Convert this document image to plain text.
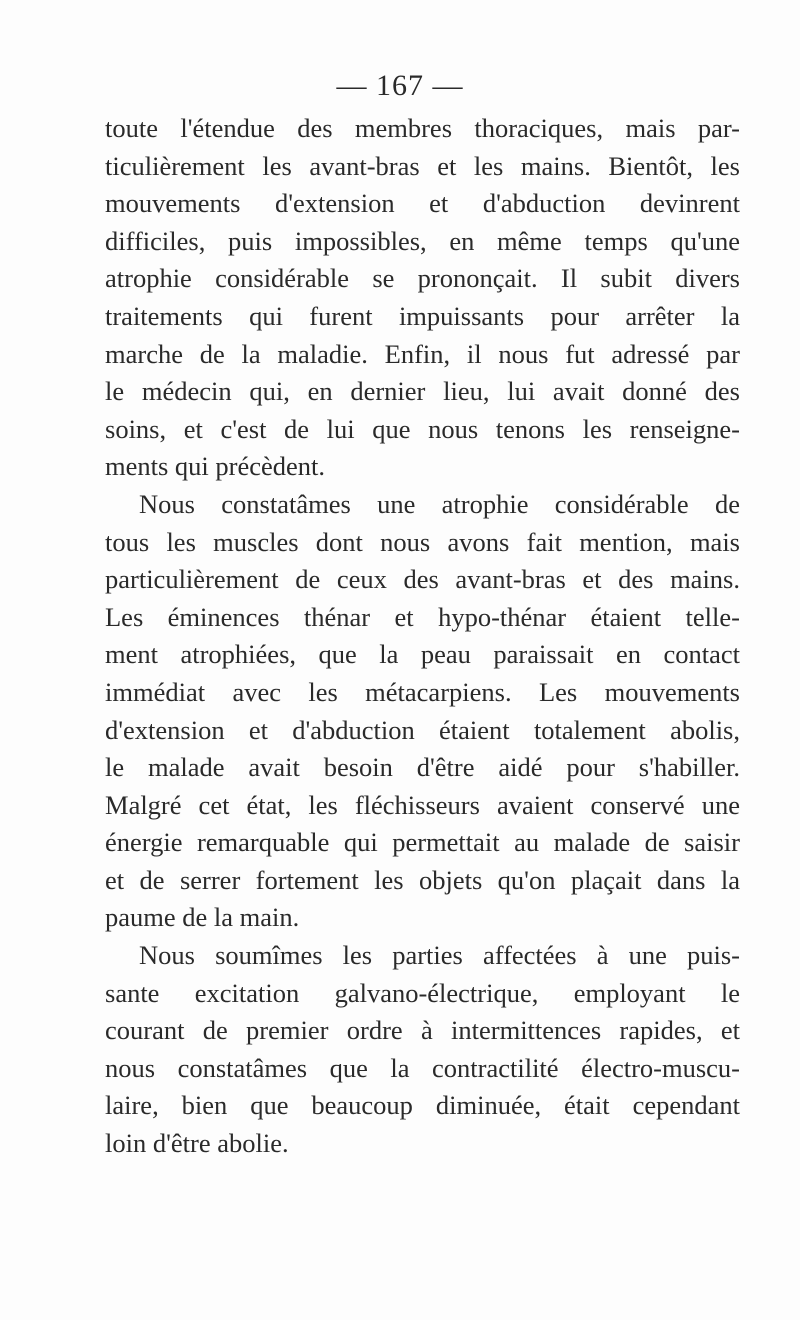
— 167 —
toute l'étendue des membres thoraciques, mais par-
ticulièrement les avant-bras et les mains. Bientôt, les
mouvements d'extension et d'abduction devinrent
difficiles, puis impossibles, en même temps qu'une
atrophie considérable se prononçait. Il subit divers
traitements qui furent impuissants pour arrêter la
marche de la maladie. Enfin, il nous fut adressé par
le médecin qui, en dernier lieu, lui avait donné des
soins, et c'est de lui que nous tenons les renseigne-
ments qui précèdent.
Nous constatâmes une atrophie considérable de
tous les muscles dont nous avons fait mention, mais
particulièrement de ceux des avant-bras et des mains.
Les éminences thénar et hypo-thénar étaient telle-
ment atrophiées, que la peau paraissait en contact
immédiat avec les métacarpiens. Les mouvements
d'extension et d'abduction étaient totalement abolis,
le malade avait besoin d'être aidé pour s'habiller.
Malgré cet état, les fléchisseurs avaient conservé une
énergie remarquable qui permettait au malade de saisir
et de serrer fortement les objets qu'on plaçait dans la
paume de la main.
Nous soumîmes les parties affectées à une puis-
sante excitation galvano-électrique, employant le
courant de premier ordre à intermittences rapides, et
nous constatâmes que la contractilité électro-muscu-
laire, bien que beaucoup diminuée, était cependant
loin d'être abolie.
